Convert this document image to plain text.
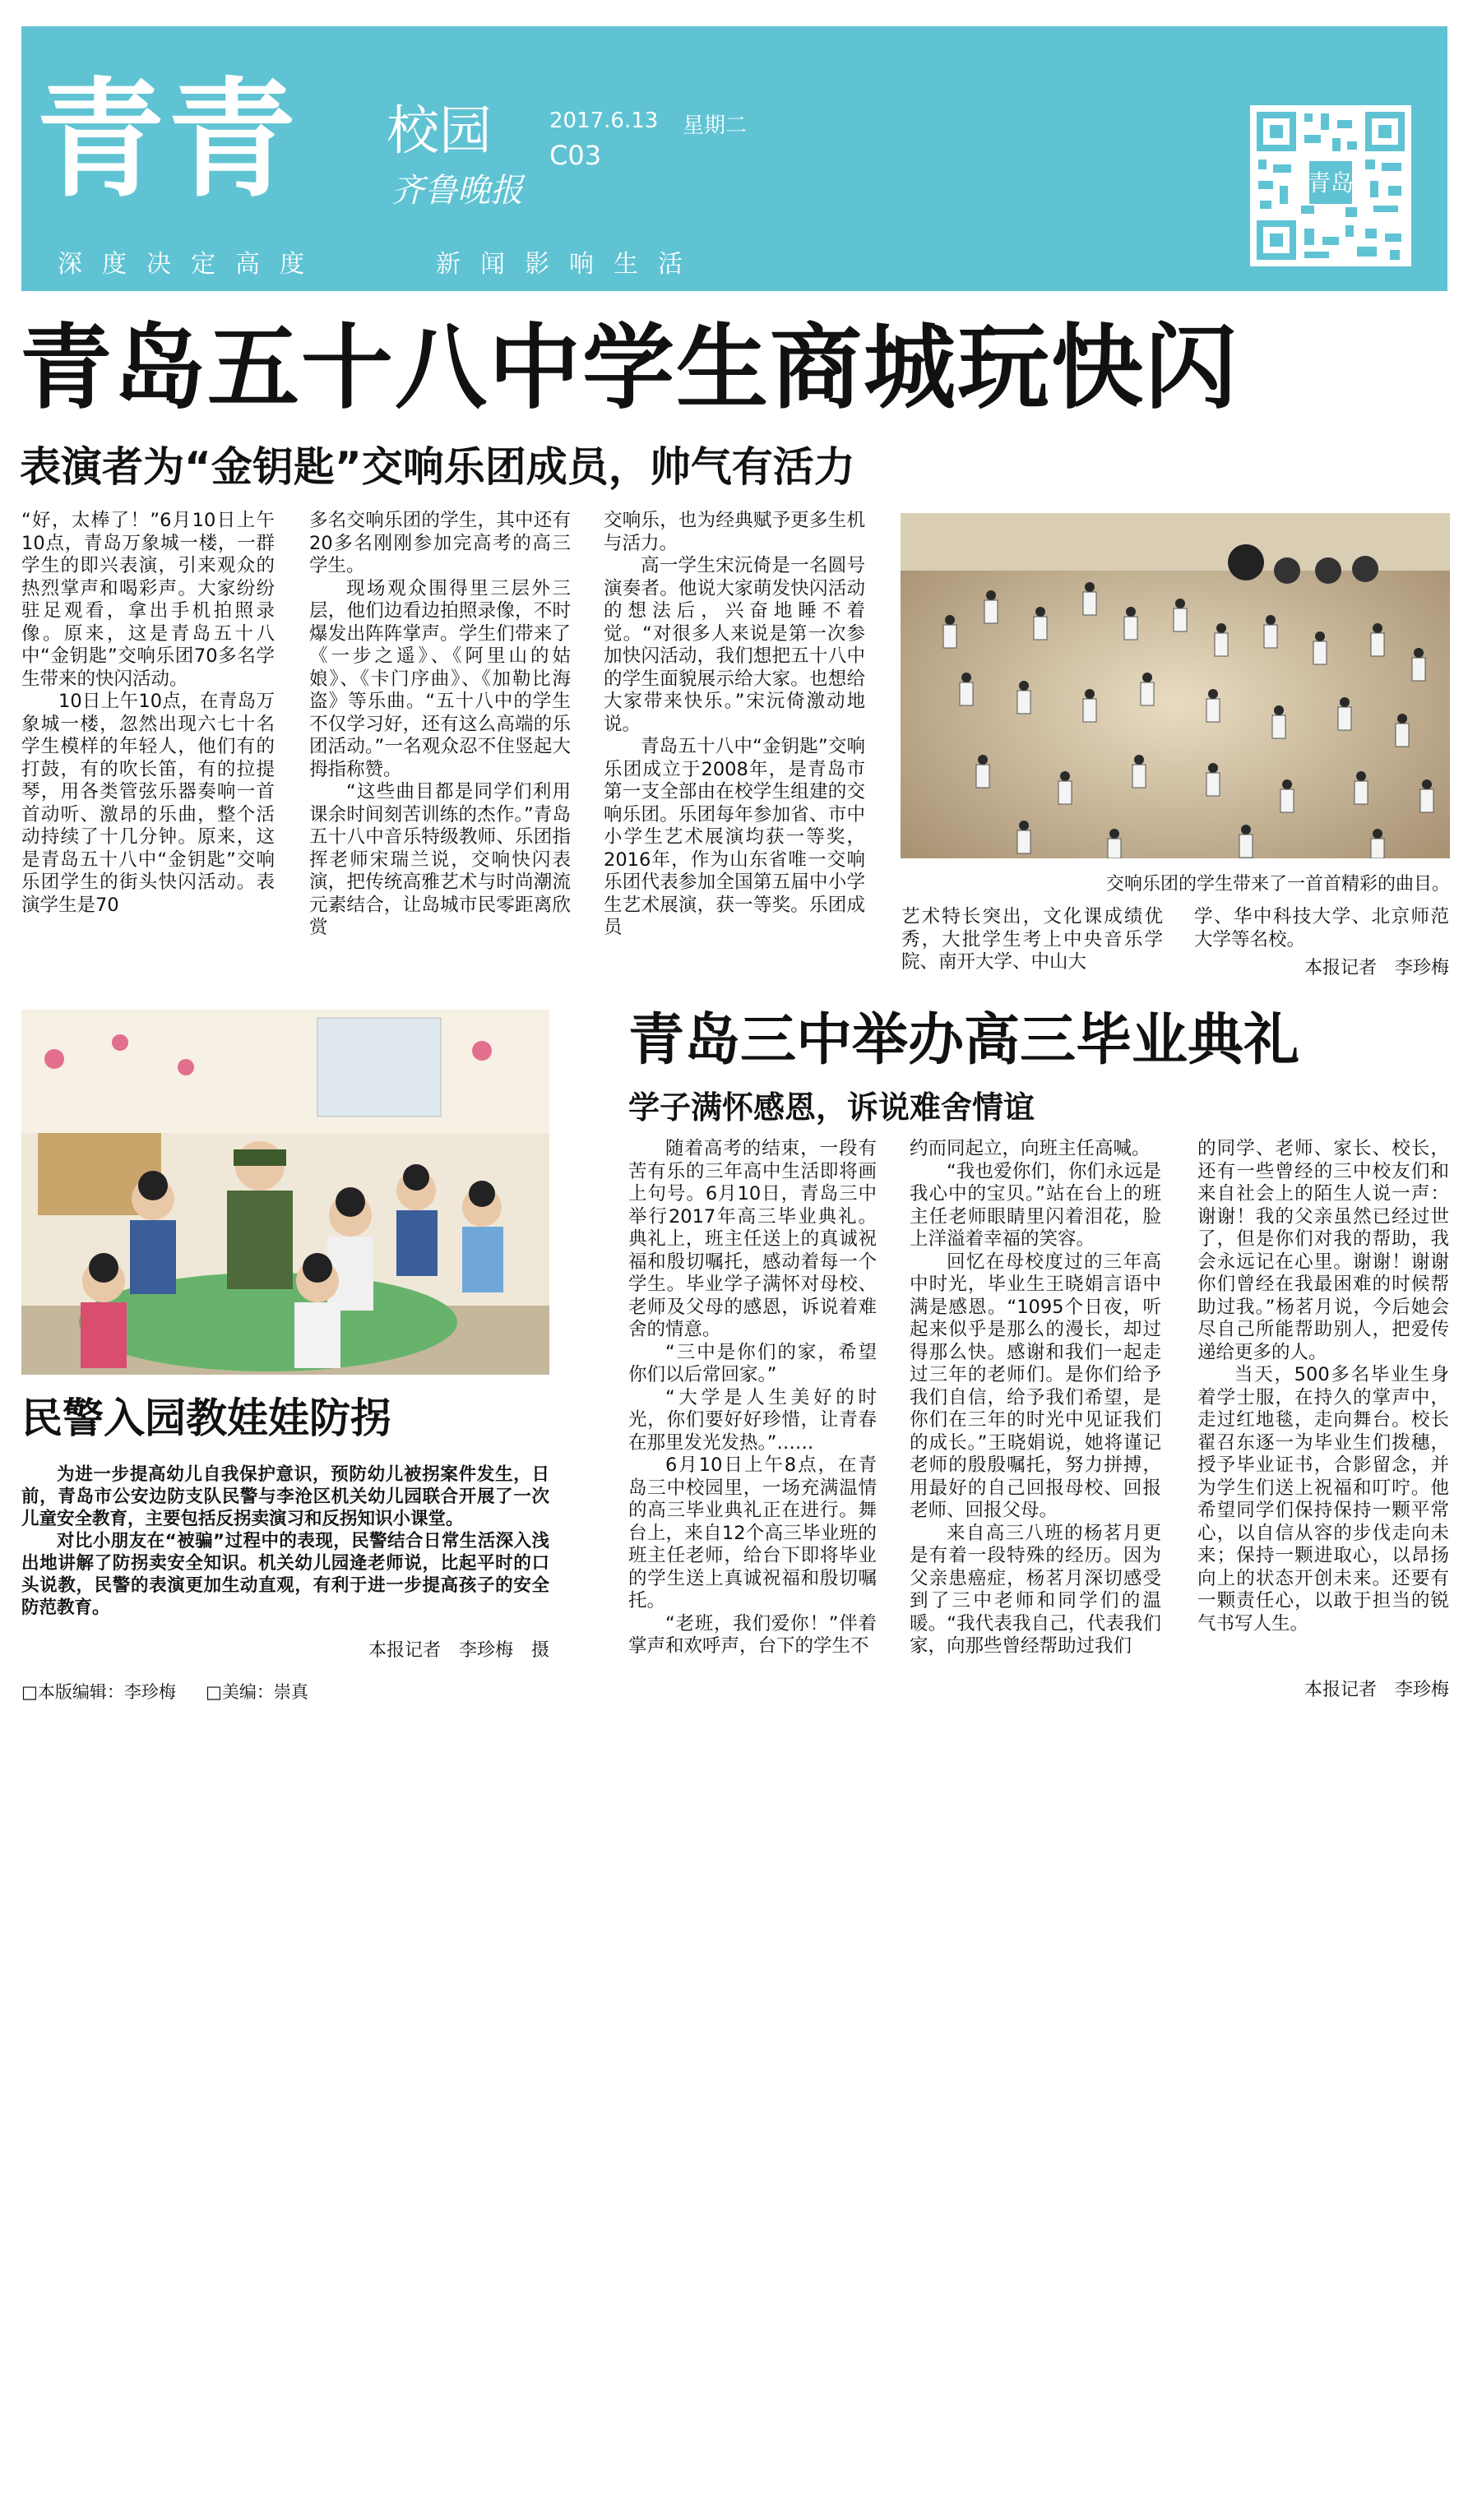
青青 校园
齐鲁晚报
2017.6.13 星期二
C03
深度决定高度	新闻影响生活
青岛
青岛五十八中学生商城玩快闪
表演者为“金钥匙”交响乐团成员，帅气有活力

“好，太棒了！”6月10日上午10点，青岛万象城一楼，一群学生的即兴表演，引来观众的热烈掌声和喝彩声。大家纷纷驻足观看，拿出手机拍照录像。原来，这是青岛五十八中“金钥匙”交响乐团70多名学生带来的快闪活动。

10日上午10点，在青岛万象城一楼，忽然出现六七十名学生模样的年轻人，他们有的打鼓，有的吹长笛，有的拉提琴，用各类管弦乐器奏响一首首动听、激昂的乐曲，整个活动持续了十几分钟。原来，这是青岛五十八中“金钥匙”交响乐团学生的街头快闪活动。表演学生是70

多名交响乐团的学生，其中还有20多名刚刚参加完高考的高三学生。

现场观众围得里三层外三层，他们边看边拍照录像，不时爆发出阵阵掌声。学生们带来了《一步之遥》、《阿里山的姑娘》、《卡门序曲》、《加勒比海盗》等乐曲。“五十八中的学生不仅学习好，还有这么高端的乐团活动。”一名观众忍不住竖起大拇指称赞。

“这些曲目都是同学们利用课余时间刻苦训练的杰作。”青岛五十八中音乐特级教师、乐团指挥老师宋瑞兰说，交响快闪表演，把传统高雅艺术与时尚潮流元素结合，让岛城市民零距离欣赏

交响乐，也为经典赋予更多生机与活力。

高一学生宋沅倚是一名圆号演奏者。他说大家萌发快闪活动的想法后，兴奋地睡不着觉。“对很多人来说是第一次参加快闪活动，我们想把五十八中的学生面貌展示给大家。也想给大家带来快乐。”宋沅倚激动地说。

青岛五十八中“金钥匙”交响乐团成立于2008年，是青岛市第一支全部由在校学生组建的交响乐团。乐团每年参加省、市中小学生艺术展演均获一等奖，2016年，作为山东省唯一交响乐团代表参加全国第五届中小学生艺术展演，获一等奖。乐团成员

交响乐团的学生带来了一首首精彩的曲目。

艺术特长突出，文化课成绩优秀，大批学生考上中央音乐学院、南开大学、中山大

学、华中科技大学、北京师范大学等名校。

本报记者　李珍梅
民警入园教娃娃防拐

为进一步提高幼儿自我保护意识，预防幼儿被拐案件发生，日前，青岛市公安边防支队民警与李沧区机关幼儿园联合开展了一次儿童安全教育，主要包括反拐卖演习和反拐知识小课堂。

对比小朋友在“被骗”过程中的表现，民警结合日常生活深入浅出地讲解了防拐卖安全知识。机关幼儿园逄老师说，比起平时的口头说教，民警的表演更加生动直观，有利于进一步提高孩子的安全防范教育。

本报记者　李珍梅　摄
□本版编辑：李珍梅 □美编：崇真
青岛三中举办高三毕业典礼
学子满怀感恩，诉说难舍情谊

随着高考的结束，一段有苦有乐的三年高中生活即将画上句号。6月10日，青岛三中举行2017年高三毕业典礼。典礼上，班主任送上的真诚祝福和殷切嘱托，感动着每一个学生。毕业学子满怀对母校、老师及父母的感恩，诉说着难舍的情意。

“三中是你们的家，希望你们以后常回家。”

“大学是人生美好的时光，你们要好好珍惜，让青春在那里发光发热。”……

6月10日上午8点，在青岛三中校园里，一场充满温情的高三毕业典礼正在进行。舞台上，来自12个高三毕业班的班主任老师，给台下即将毕业的学生送上真诚祝福和殷切嘱托。

“老班，我们爱你！”伴着掌声和欢呼声，台下的学生不

约而同起立，向班主任高喊。

“我也爱你们，你们永远是我心中的宝贝。”站在台上的班主任老师眼睛里闪着泪花，脸上洋溢着幸福的笑容。

回忆在母校度过的三年高中时光，毕业生王晓娟言语中满是感恩。“1095个日夜，听起来似乎是那么的漫长，却过得那么快。感谢和我们一起走过三年的老师们。是你们给予我们自信，给予我们希望，是你们在三年的时光中见证我们的成长。”王晓娟说，她将谨记老师的殷殷嘱托，努力拼搏，用最好的自己回报母校、回报老师、回报父母。

来自高三八班的杨茗月更是有着一段特殊的经历。因为父亲患癌症，杨茗月深切感受到了三中老师和同学们的温暖。“我代表我自己，代表我们家，向那些曾经帮助过我们

的同学、老师、家长、校长，还有一些曾经的三中校友们和来自社会上的陌生人说一声：谢谢！我的父亲虽然已经过世了，但是你们对我的帮助，我会永远记在心里。谢谢！谢谢你们曾经在我最困难的时候帮助过我。”杨茗月说，今后她会尽自己所能帮助别人，把爱传递给更多的人。

当天，500多名毕业生身着学士服，在持久的掌声中，走过红地毯，走向舞台。校长翟召东逐一为毕业生们拨穗，授予毕业证书，合影留念，并为学生们送上祝福和叮咛。他希望同学们保持保持一颗平常心，以自信从容的步伐走向未来；保持一颗进取心，以昂扬向上的状态开创未来。还要有一颗责任心，以敢于担当的锐气书写人生。

本报记者　李珍梅
